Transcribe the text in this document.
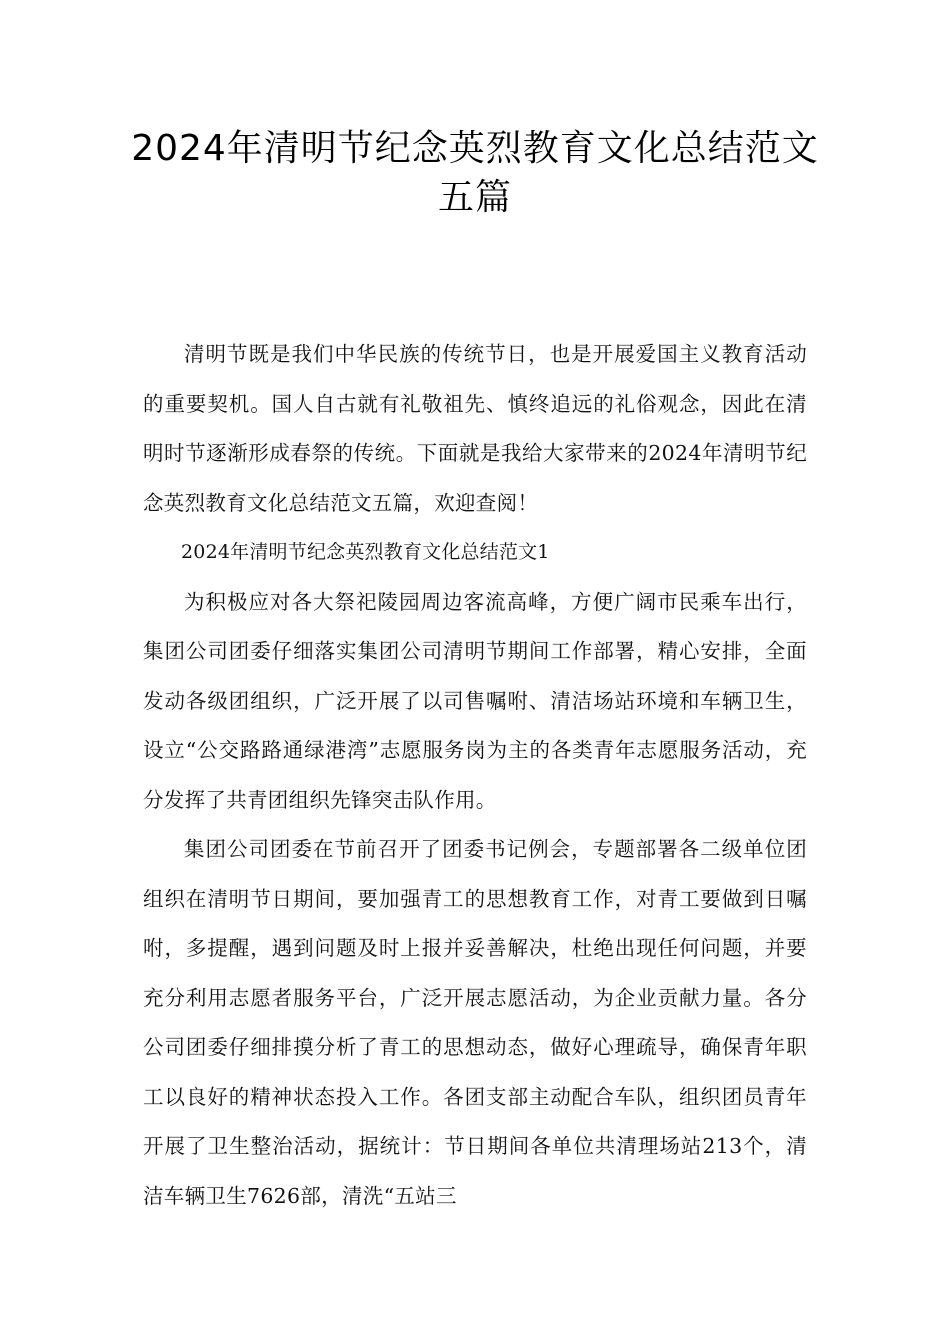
2024年清明节纪念英烈教育文化总结范文五篇

清明节既是我们中华民族的传统节日，也是开展爱国主义教育活动的重要契机。国人自古就有礼敬祖先、慎终追远的礼俗观念，因此在清明时节逐渐形成春祭的传统。下面就是我给大家带来的2024年清明节纪念英烈教育文化总结范文五篇，欢迎查阅！

2024年清明节纪念英烈教育文化总结范文1

为积极应对各大祭祀陵园周边客流高峰，方便广阔市民乘车出行，集团公司团委仔细落实集团公司清明节期间工作部署，精心安排，全面发动各级团组织，广泛开展了以司售嘱咐、清洁场站环境和车辆卫生，设立“公交路路通绿港湾”志愿服务岗为主的各类青年志愿服务活动，充分发挥了共青团组织先锋突击队作用。

集团公司团委在节前召开了团委书记例会，专题部署各二级单位团组织在清明节日期间，要加强青工的思想教育工作，对青工要做到日嘱咐，多提醒，遇到问题及时上报并妥善解决，杜绝出现任何问题，并要充分利用志愿者服务平台，广泛开展志愿活动，为企业贡献力量。各分公司团委仔细排摸分析了青工的思想动态，做好心理疏导，确保青年职工以良好的精神状态投入工作。各团支部主动配合车队，组织团员青年开展了卫生整治活动，据统计：节日期间各单位共清理场站213个，清洁车辆卫生7626部，清洗“五站三
